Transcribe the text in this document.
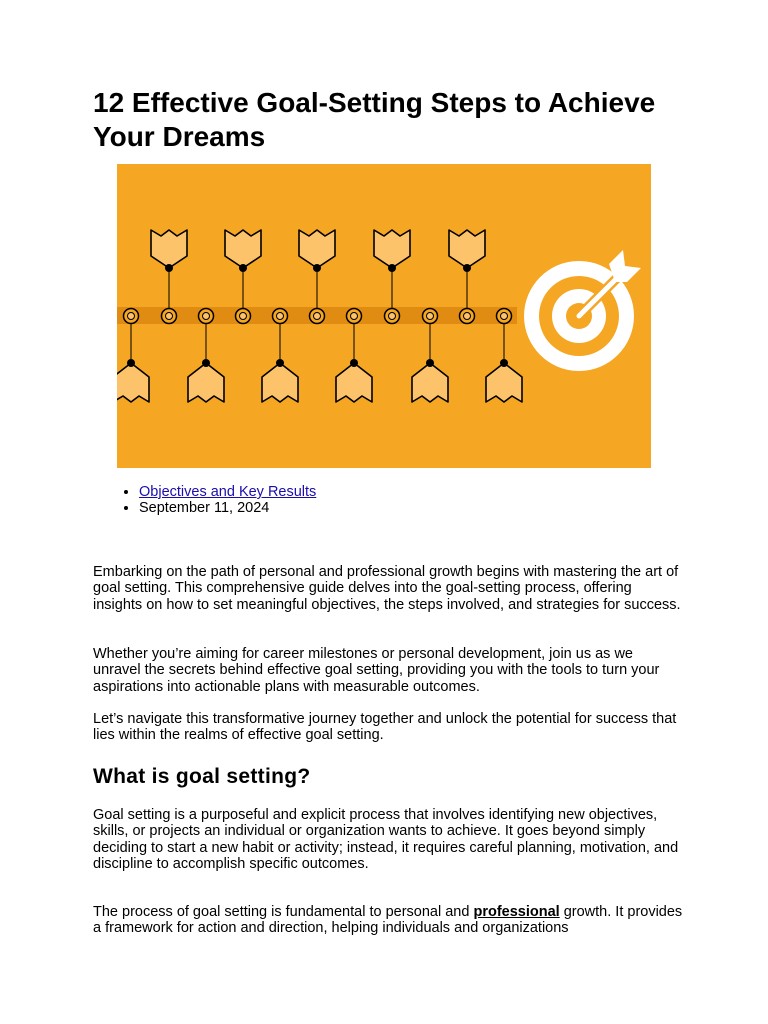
12 Effective Goal-Setting Steps to Achieve Your Dreams
• Objectives and Key Results
• September 11, 2024

Embarking on the path of personal and professional growth begins with mastering the art of goal setting. This comprehensive guide delves into the goal-setting process, offering insights on how to set meaningful objectives, the steps involved, and strategies for success.

Whether you’re aiming for career milestones or personal development, join us as we unravel the secrets behind effective goal setting, providing you with the tools to turn your aspirations into actionable plans with measurable outcomes.

Let’s navigate this transformative journey together and unlock the potential for success that lies within the realms of effective goal setting.

What is goal setting?

Goal setting is a purposeful and explicit process that involves identifying new objectives, skills, or projects an individual or organization wants to achieve. It goes beyond simply deciding to start a new habit or activity; instead, it requires careful planning, motivation, and discipline to accomplish specific outcomes.

The process of goal setting is fundamental to personal and professional growth. It provides a framework for action and direction, helping individuals and organizations
